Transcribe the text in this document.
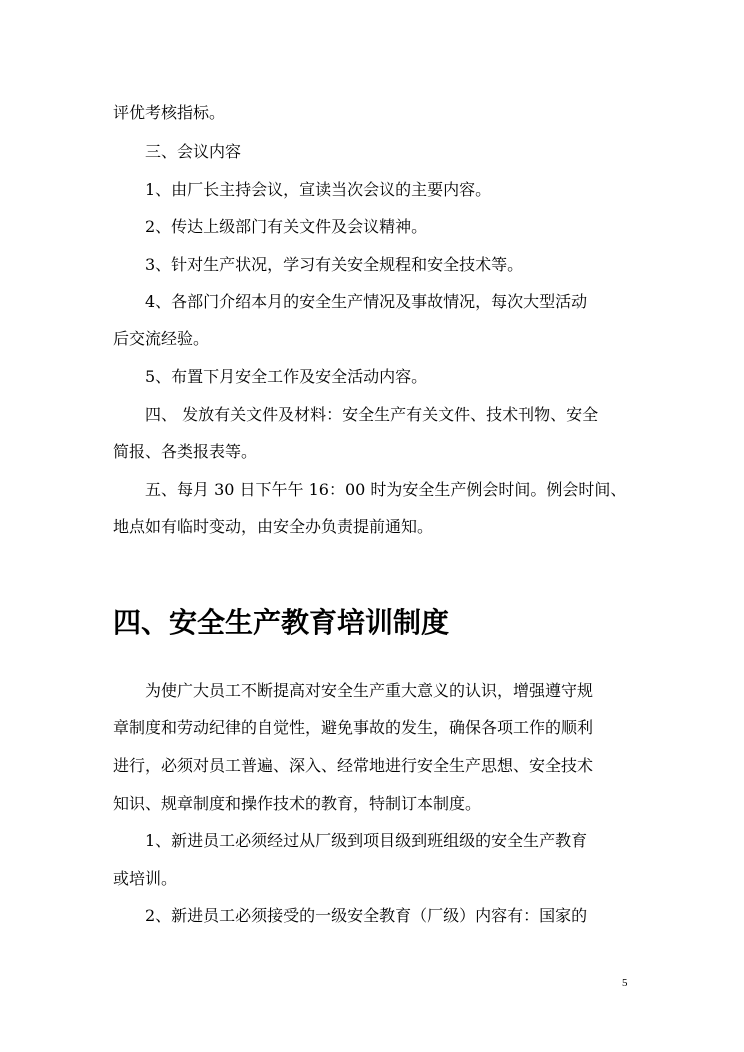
评优考核指标。
三、会议内容
1、由厂长主持会议，宣读当次会议的主要内容。
2、传达上级部门有关文件及会议精神。
3、针对生产状况，学习有关安全规程和安全技术等。
4、各部门介绍本月的安全生产情况及事故情况，每次大型活动
后交流经验。
5、布置下月安全工作及安全活动内容。
四、 发放有关文件及材料：安全生产有关文件、技术刊物、安全
简报、各类报表等。
五、每月 30 日下午午 16：00 时为安全生产例会时间。例会时间、
地点如有临时变动，由安全办负责提前通知。
四、安全生产教育培训制度
为使广大员工不断提高对安全生产重大意义的认识，增强遵守规
章制度和劳动纪律的自觉性，避免事故的发生，确保各项工作的顺利
进行，必须对员工普遍、深入、经常地进行安全生产思想、安全技术
知识、规章制度和操作技术的教育，特制订本制度。
1、新进员工必须经过从厂级到项目级到班组级的安全生产教育
或培训。
2、新进员工必须接受的一级安全教育（厂级）内容有：国家的
5
